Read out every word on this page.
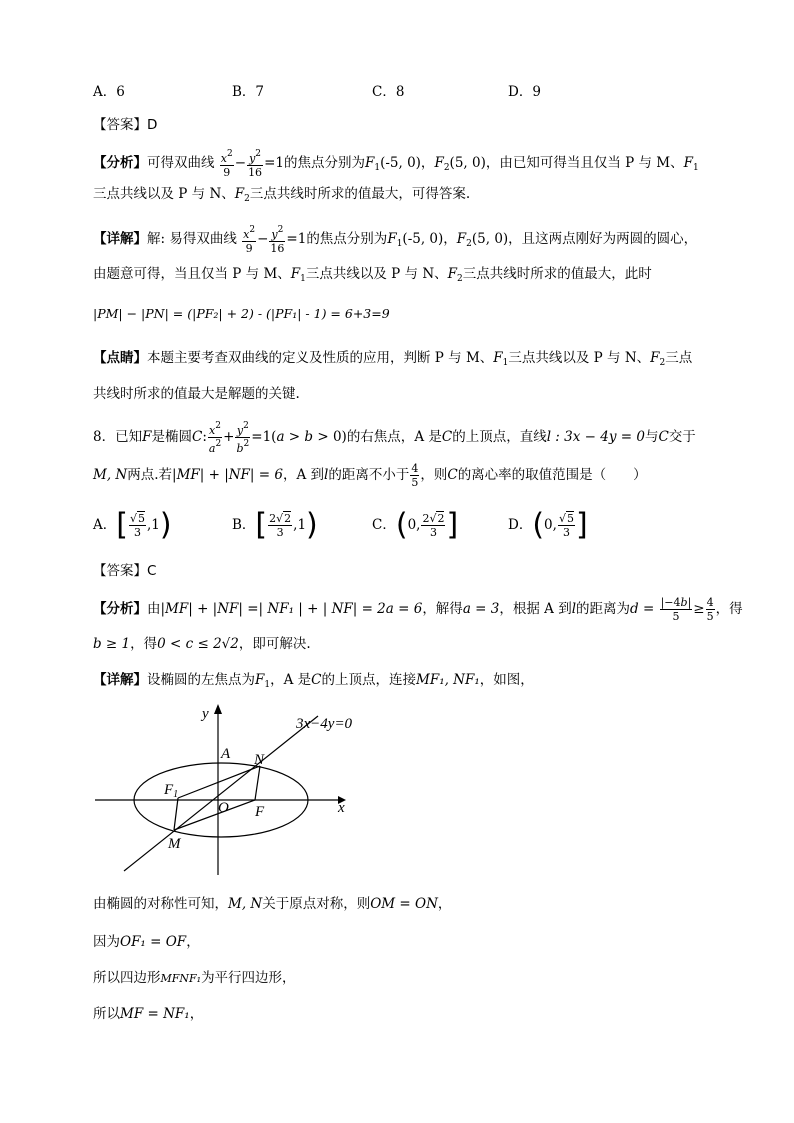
A．6	B．7	C．8	D．9
【答案】D
【分析】可得双曲线 $\frac{x^2}{9} - \frac{y^2}{16} =1$的焦点分别为$F_1(-5$, 0)，$F_2(5$, 0)，由已知可得当且仅当 P 与 M、$F_1$
三点共线以及 P 与 N、$F_2$三点共线时所求的值最大，可得答案.
【详解】解: 易得双曲线 $\frac{x^2}{9} - \frac{y^2}{16} =1$的焦点分别为$F_1(-5$, 0)，$F_2(5$, 0)，且这两点刚好为两圆的圆心，
由题意可得，当且仅当 P 与 M、$F_1$三点共线以及 P 与 N、$F_2$三点共线时所求的值最大，此时
|PM| − |PN| = (|PF₂| + 2) - (|PF₁| - 1) = 6+3=9
【点睛】本题主要考查双曲线的定义及性质的应用，判断 P 与 M、$F_1$三点共线以及 P 与 N、$F_2$三点
共线时所求的值最大是解题的关键.
8．已知F是椭圆C: $\frac{x^2}{a^2} + \frac{y^2}{b^2} =1(a > b > 0)$的右焦点，A 是C的上顶点，直线l : 3x − 4y = 0与C交于
M, N两点.若|MF| + |NF| = 6，A 到l的距离不小于 $\frac{4}{5}$ ，则C的离心率的取值范围是（　　）
A．[ $\frac{√5}{3} ,1$)	B．[ $\frac{2√2}{3} ,1$)	C．(0, $\frac{2√2}{3}$ ]	D．(0, $\frac{√5}{3}$ ]
【答案】C
【分析】由|MF| + |NF| =| NF₁ | + | NF| = 2a = 6，解得a = 3，根据 A 到l的距离为$d = \frac{|-4b|}{5} \ge \frac{4}{5}$ ，得
b ≥ 1，得0 < c ≤ 2√2，即可解决.
【详解】设椭圆的左焦点为$F_1$，A 是C的上顶点，连接MF₁, NF₁，如图，
3x−4y=0
y
x
A N
$F_1$
O F
M
由椭圆的对称性可知，M, N关于原点对称，则OM = ON，
因为OF₁ = OF，
所以四边形MFNF₁为平行四边形，
所以MF = NF₁，
